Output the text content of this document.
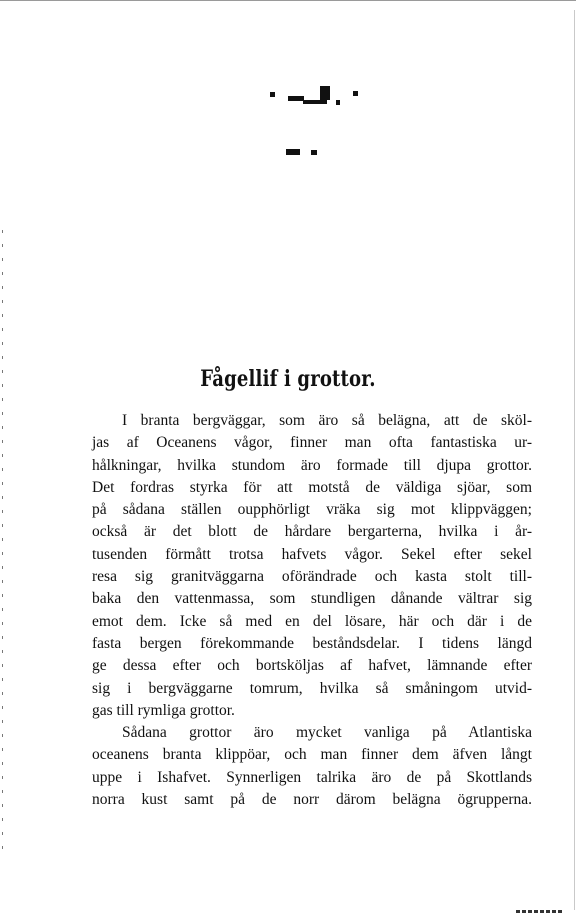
Fågellif i grottor.
I branta bergväggar, som äro så belägna, att de sköl-
jas af Oceanens vågor, finner man ofta fantastiska ur-
hålkningar, hvilka stundom äro formade till djupa grottor.
Det fordras styrka för att motstå de väldiga sjöar, som
på sådana ställen oupphörligt vräka sig mot klippväggen;
också är det blott de hårdare bergarterna, hvilka i år-
tusenden förmått trotsa hafvets vågor. Sekel efter sekel
resa sig granitväggarna oförändrade och kasta stolt till-
baka den vattenmassa, som stundligen dånande vältrar sig
emot dem. Icke så med en del lösare, här och där i de
fasta bergen förekommande beståndsdelar. I tidens längd
ge dessa efter och bortsköljas af hafvet, lämnande efter
sig i bergväggarne tomrum, hvilka så småningom utvid-
gas till rymliga grottor.
Sådana grottor äro mycket vanliga på Atlantiska
oceanens branta klippöar, och man finner dem äfven långt
uppe i Ishafvet. Synnerligen talrika äro de på Skottlands
norra kust samt på de norr därom belägna ögrupperna.
